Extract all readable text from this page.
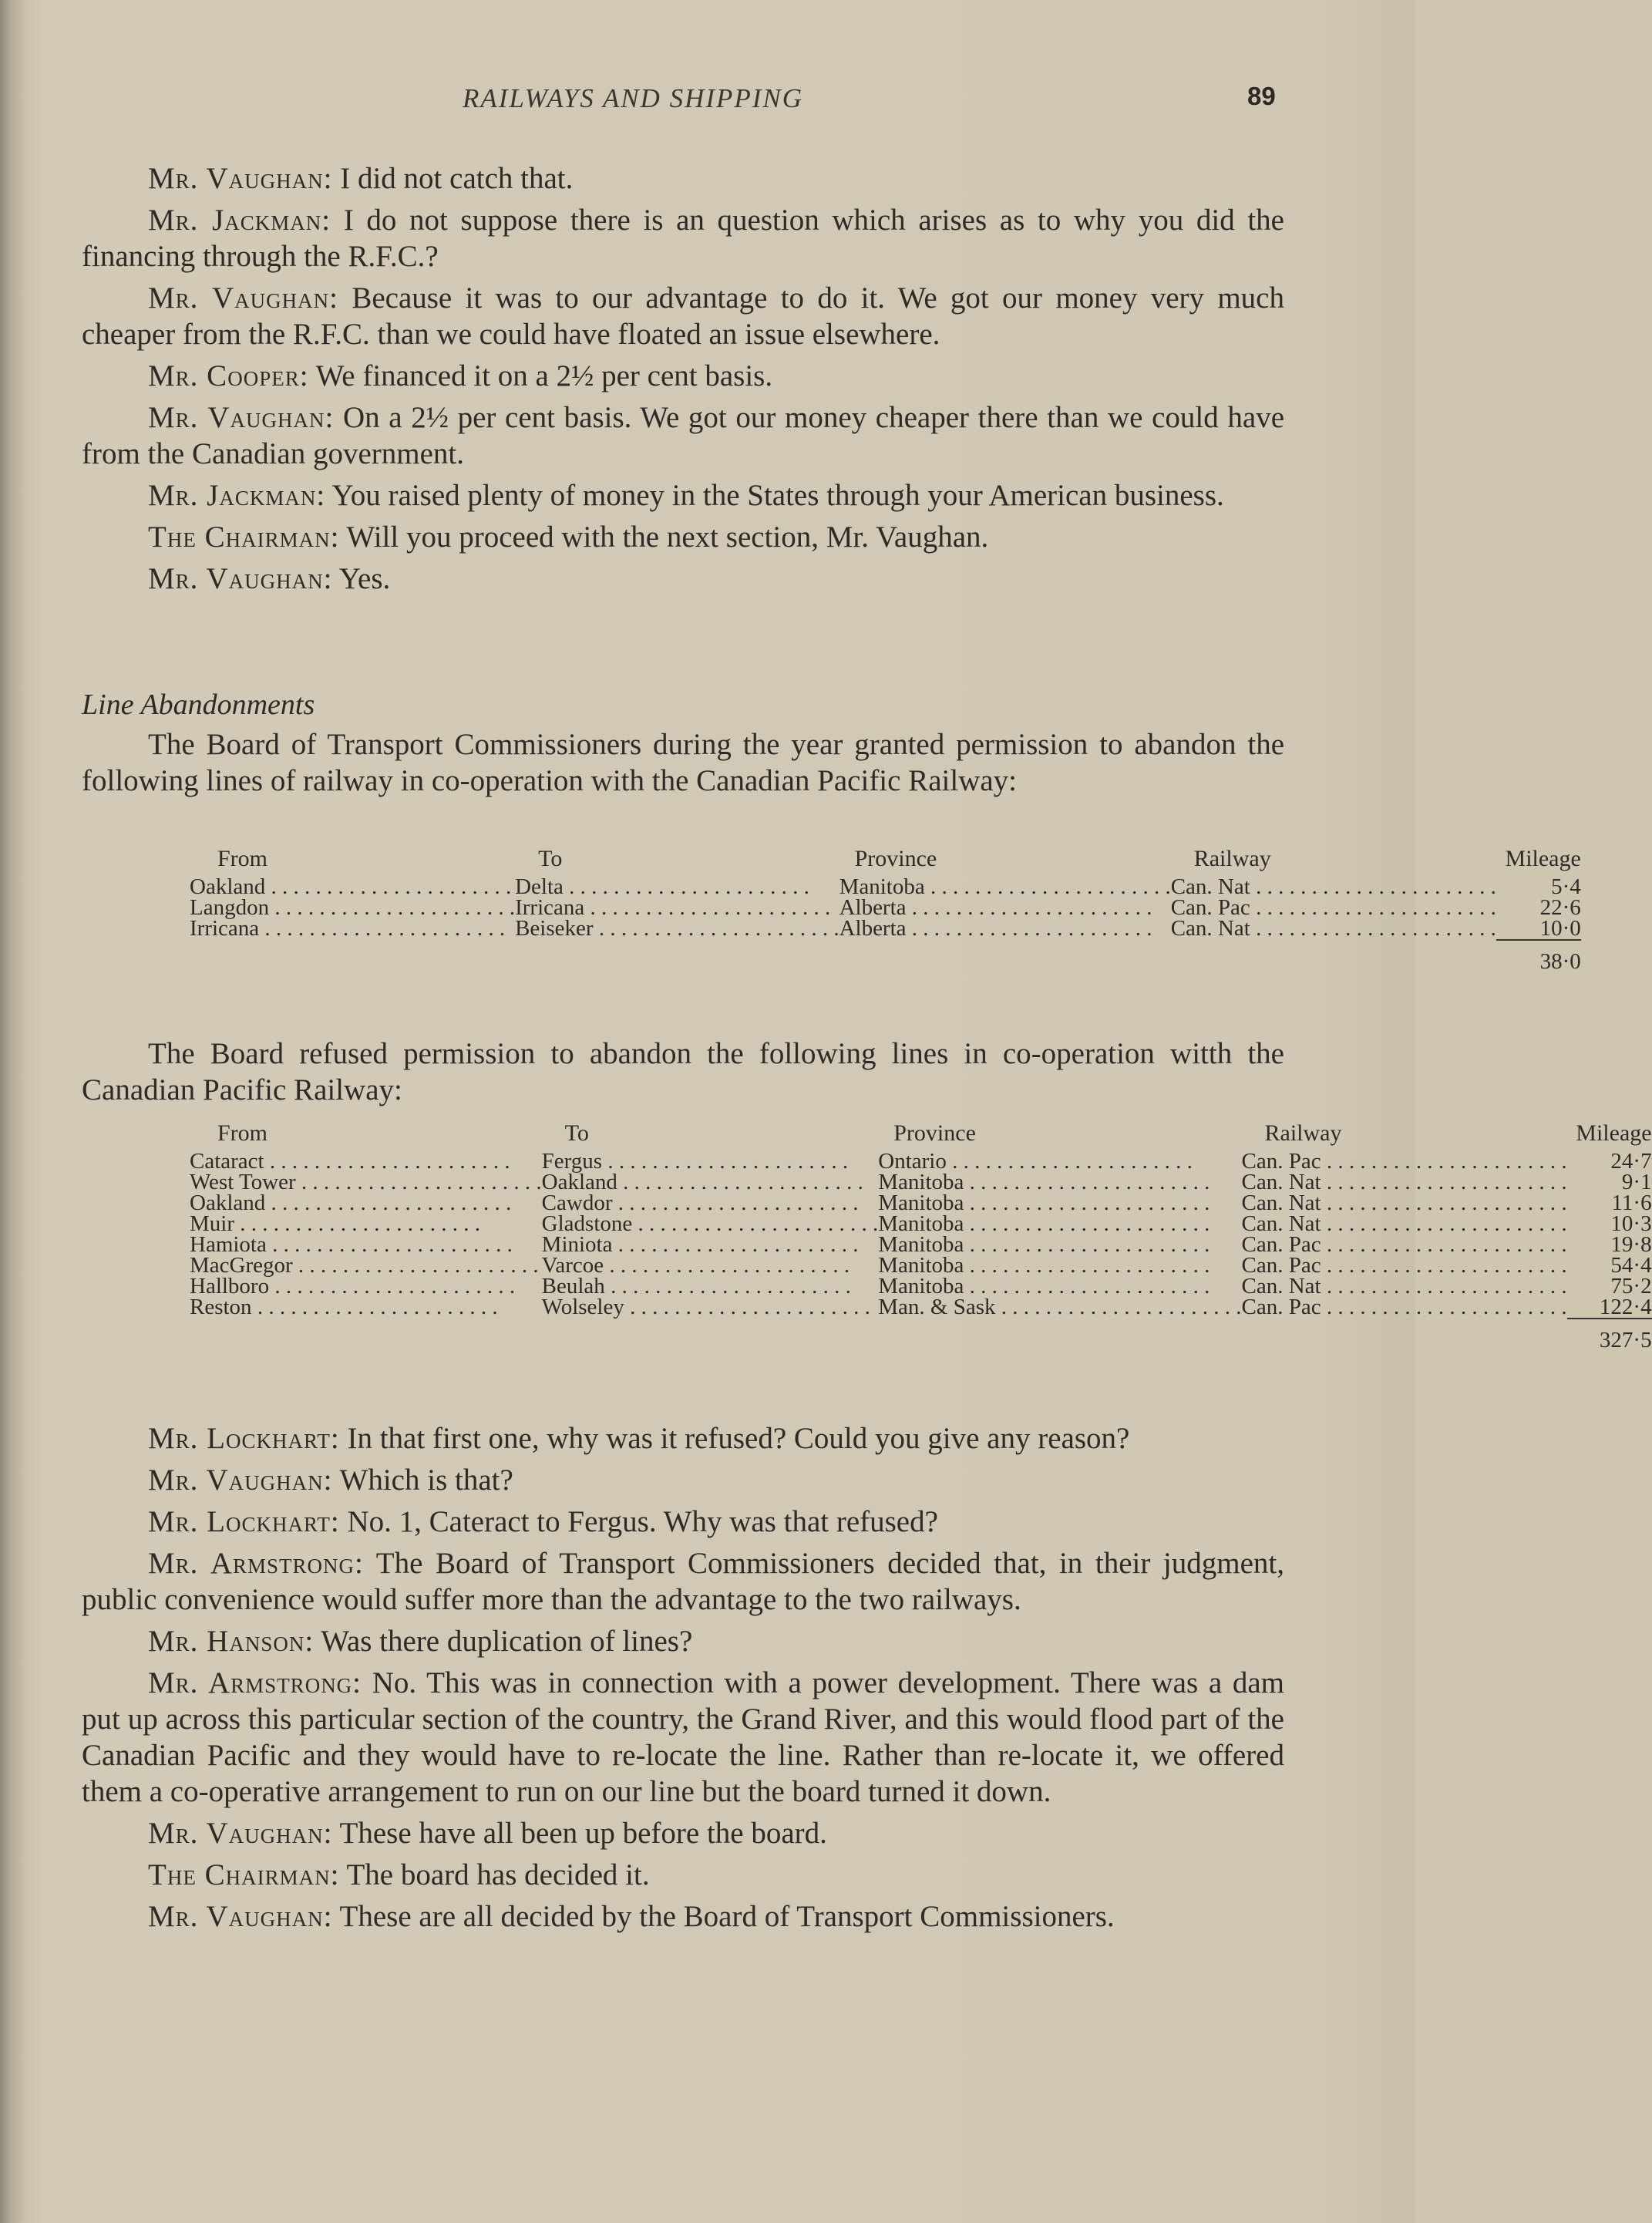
RAILWAYS AND SHIPPING	89

Mr. Vaughan: I did not catch that.

Mr. Jackman: I do not suppose there is an question which arises as to why you did the financing through the R.F.C.?

Mr. Vaughan: Because it was to our advantage to do it. We got our money very much cheaper from the R.F.C. than we could have floated an issue elsewhere.

Mr. Cooper: We financed it on a 2½ per cent basis.

Mr. Vaughan: On a 2½ per cent basis. We got our money cheaper there than we could have from the Canadian government.

Mr. Jackman: You raised plenty of money in the States through your American business.

The Chairman: Will you proceed with the next section, Mr. Vaughan.

Mr. Vaughan: Yes.

Line Abandonments

The Board of Transport Commissioners during the year granted permission to abandon the following lines of railway in co-operation with the Canadian Pacific Railway:

From	To	Province	Railway	Mileage
Oakland . . .	Delta . . .	Manitoba . . .	Can. Nat . . .	5·4
Langdon . . .	Irricana . . .	Alberta . . .	Can. Pac . . .	22·6
Irricana . . .	Beiseker . . .	Alberta . . .	Can. Nat . . .	10·0
				38·0

The Board refused permission to abandon the following lines in co-operation witth the Canadian Pacific Railway:

From	To	Province	Railway	Mileage
Cataract . . .	Fergus . . .	Ontario . . .	Can. Pac . . .	24·7
West Tower . . .	Oakland . . .	Manitoba . . .	Can. Nat . . .	9·1
Oakland . . .	Cawdor . . .	Manitoba . . .	Can. Nat . . .	11·6
Muir . . .	Gladstone . . .	Manitoba . . .	Can. Nat . . .	10·3
Hamiota . . .	Miniota . . .	Manitoba . . .	Can. Pac . . .	19·8
MacGregor . . .	Varcoe . . .	Manitoba . . .	Can. Pac . . .	54·4
Hallboro . . .	Beulah . . .	Manitoba . . .	Can. Nat . . .	75·2
Reston . . .	Wolseley . . .	Man. & Sask . . .	Can. Pac . . .	122·4
				327·5

Mr. Lockhart: In that first one, why was it refused? Could you give any reason?

Mr. Vaughan: Which is that?

Mr. Lockhart: No. 1, Cateract to Fergus. Why was that refused?

Mr. Armstrong: The Board of Transport Commissioners decided that, in their judgment, public convenience would suffer more than the advantage to the two railways.

Mr. Hanson: Was there duplication of lines?

Mr. Armstrong: No. This was in connection with a power development. There was a dam put up across this particular section of the country, the Grand River, and this would flood part of the Canadian Pacific and they would have to re-locate the line. Rather than re-locate it, we offered them a co-operative arrangement to run on our line but the board turned it down.

Mr. Vaughan: These have all been up before the board.

The Chairman: The board has decided it.

Mr. Vaughan: These are all decided by the Board of Transport Commissioners.
